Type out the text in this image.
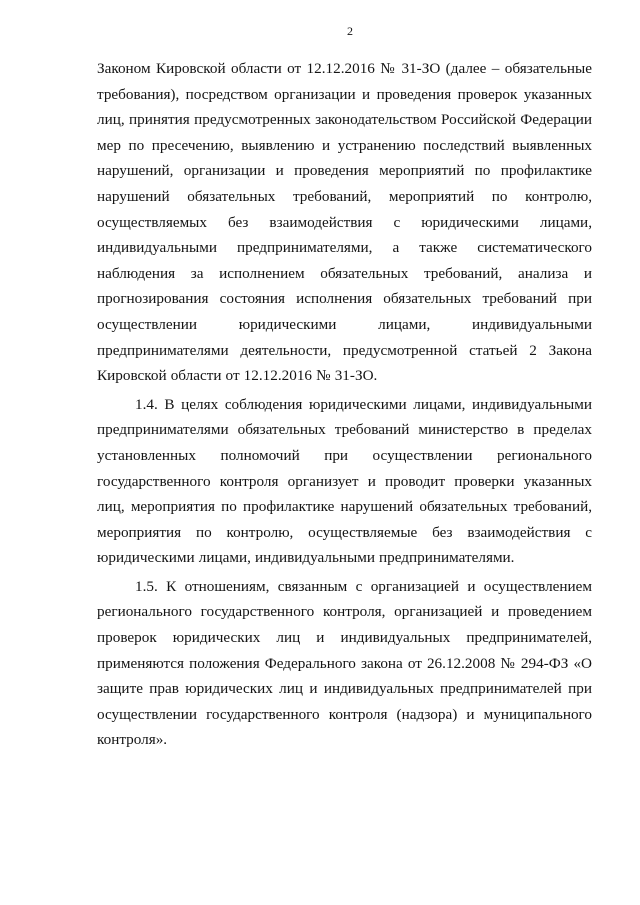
2

Законом Кировской области от 12.12.2016 № 31-ЗО (далее – обязательные требования), посредством организации и проведения проверок указанных лиц, принятия предусмотренных законодательством Российской Федерации мер по пресечению, выявлению и устранению последствий выявленных нарушений, организации и проведения мероприятий по профилактике нарушений обязательных требований, мероприятий по контролю, осуществляемых без взаимодействия с юридическими лицами, индивидуальными предпринимателями, а также систематического наблюдения за исполнением обязательных требований, анализа и прогнозирования состояния исполнения обязательных требований при осуществлении юридическими лицами, индивидуальными предпринимателями деятельности, предусмотренной статьей 2 Закона Кировской области от 12.12.2016 № 31-ЗО.

1.4. В целях соблюдения юридическими лицами, индивидуальными предпринимателями обязательных требований министерство в пределах установленных полномочий при осуществлении регионального государственного контроля организует и проводит проверки указанных лиц, мероприятия по профилактике нарушений обязательных требований, мероприятия по контролю, осуществляемые без взаимодействия с юридическими лицами, индивидуальными предпринимателями.

1.5. К отношениям, связанным с организацией и осуществлением регионального государственного контроля, организацией и проведением проверок юридических лиц и индивидуальных предпринимателей, применяются положения Федерального закона от 26.12.2008 № 294-ФЗ «О защите прав юридических лиц и индивидуальных предпринимателей при осуществлении государственного контроля (надзора) и муниципального контроля».
